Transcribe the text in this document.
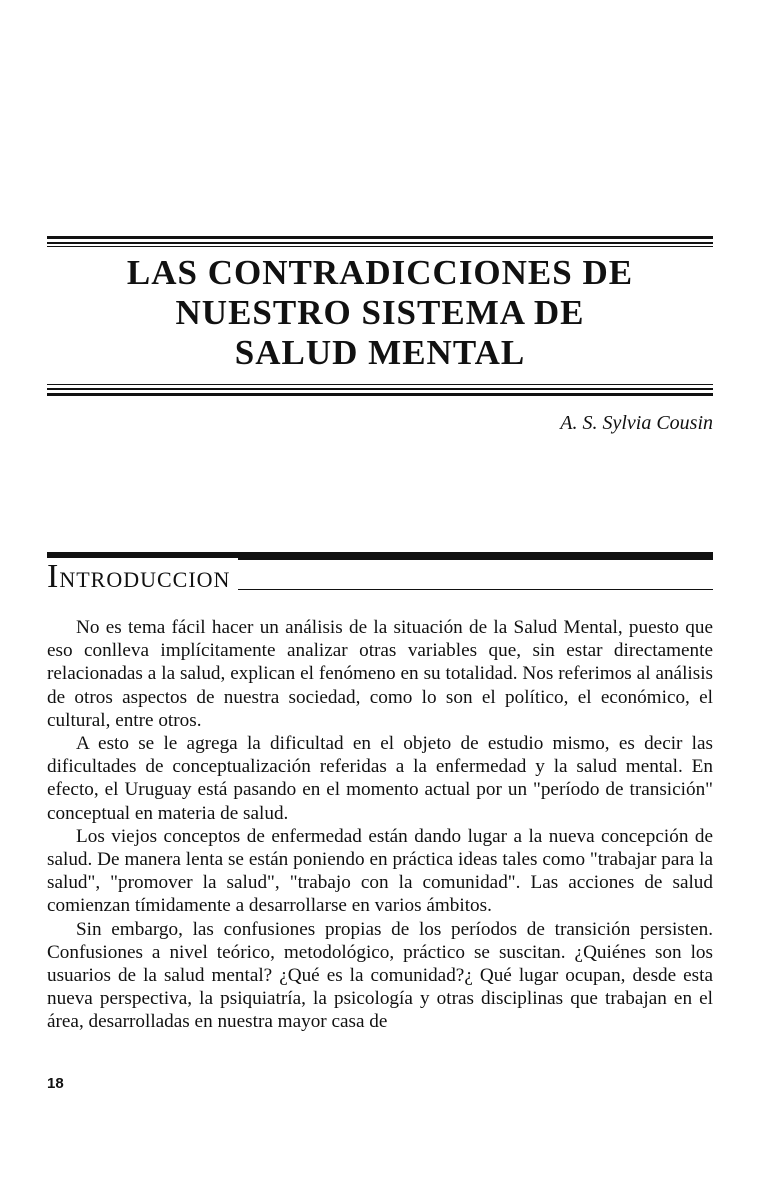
LAS CONTRADICCIONES DE
NUESTRO SISTEMA DE
SALUD MENTAL
A. S. Sylvia Cousin
INTRODUCCION

No es tema fácil hacer un análisis de la situación de la Salud Mental, puesto que eso conlleva implícitamente analizar otras variables que, sin estar directamente relacionadas a la salud, explican el fenómeno en su totalidad. Nos referimos al análisis de otros aspectos de nuestra sociedad, como lo son el político, el económico, el cultural, entre otros.

A esto se le agrega la dificultad en el objeto de estudio mismo, es decir las dificultades de conceptualización referidas a la enfermedad y la salud mental. En efecto, el Uruguay está pasando en el momento actual por un "período de transición" conceptual en materia de salud.

Los viejos conceptos de enfermedad están dando lugar a la nueva concepción de salud. De manera lenta se están poniendo en práctica ideas tales como "trabajar para la salud", "promover la salud", "trabajo con la comunidad". Las acciones de salud comienzan tímidamente a desarrollarse en varios ámbitos.

Sin embargo, las confusiones propias de los períodos de transición persisten. Confusiones a nivel teórico, metodológico, práctico se suscitan. ¿Quiénes son los usuarios de la salud mental? ¿Qué es la comunidad?¿ Qué lugar ocupan, desde esta nueva perspectiva, la psiquiatría, la psicología y otras disciplinas que trabajan en el área, desarrolladas en nuestra mayor casa de

18
